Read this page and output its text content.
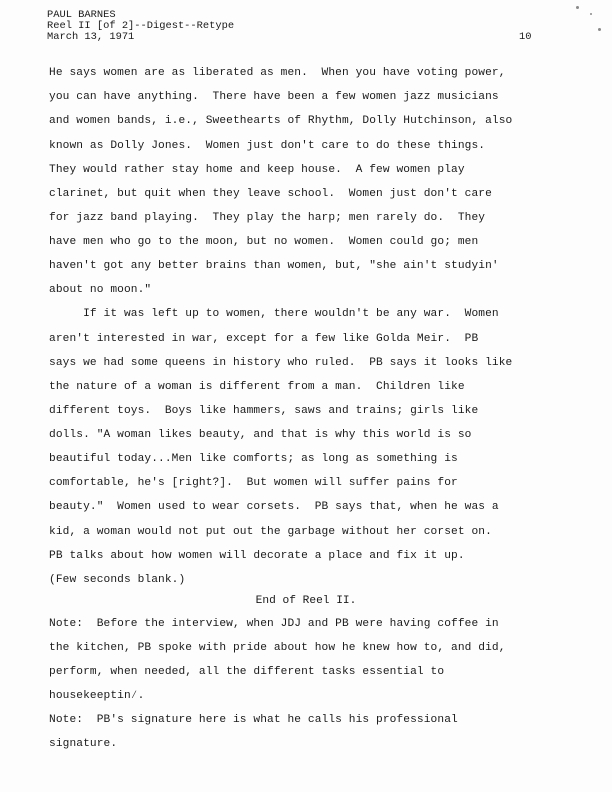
PAUL BARNES
Reel II [of 2]--Digest--Retype
March 13, 1971	10
He says women are as liberated as men.  When you have voting power,
you can have anything.  There have been a few women jazz musicians
and women bands, i.e., Sweethearts of Rhythm, Dolly Hutchinson, also
known as Dolly Jones.  Women just don't care to do these things.
They would rather stay home and keep house.  A few women play
clarinet, but quit when they leave school.  Women just don't care
for jazz band playing.  They play the harp; men rarely do.  They
have men who go to the moon, but no women.  Women could go; men
haven't got any better brains than women, but, "she ain't studyin'
about no moon."
If it was left up to women, there wouldn't be any war.  Women
aren't interested in war, except for a few like Golda Meir.  PB
says we had some queens in history who ruled.  PB says it looks like
the nature of a woman is different from a man.  Children like
different toys.  Boys like hammers, saws and trains; girls like
dolls. "A woman likes beauty, and that is why this world is so
beautiful today...Men like comforts; as long as something is
comfortable, he's [right?].  But women will suffer pains for
beauty."  Women used to wear corsets.  PB says that, when he was a
kid, a woman would not put out the garbage without her corset on.
PB talks about how women will decorate a place and fix it up.
(Few seconds blank.)
End of Reel II.
Note:  Before the interview, when JDJ and PB were having coffee in
the kitchen, PB spoke with pride about how he knew how to, and did,
perform, when needed, all the different tasks essential to
housekeeptin∕.
Note:  PB's signature here is what he calls his professional
signature.
